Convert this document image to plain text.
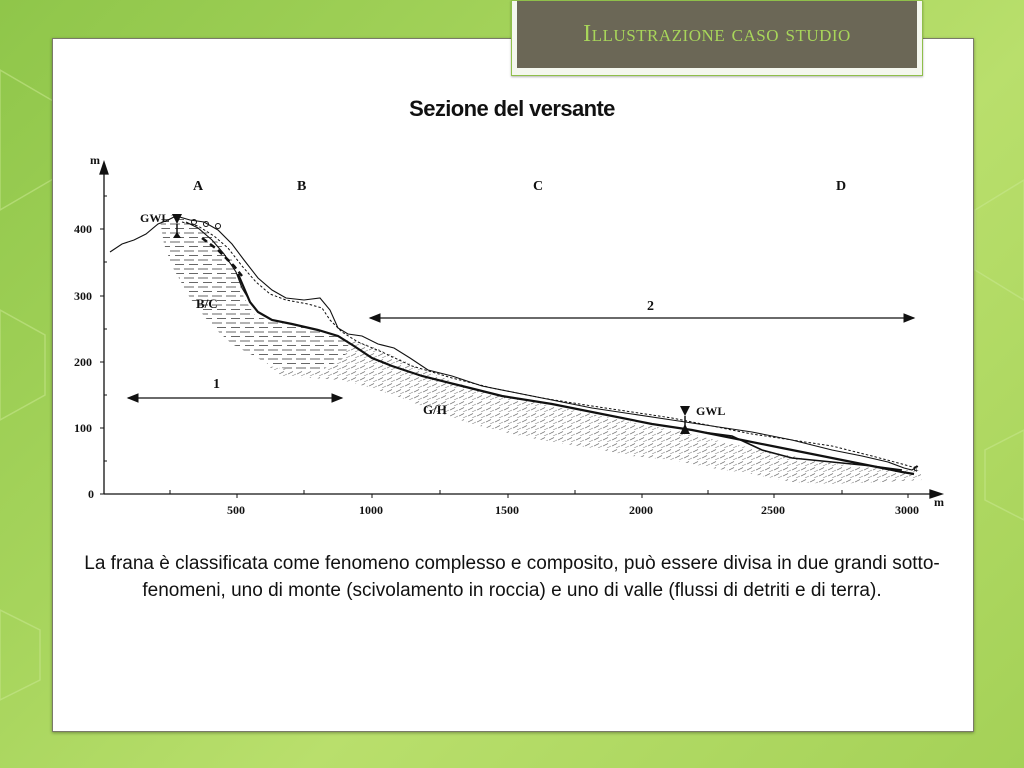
Illustrazione caso studio
Sezione del versante
m
400
300
200
100
0
m
500	1000	1500	2000	2500	3000
A	B	C	D
GWL
GWL
¢
B/C
G/H
1
2
La frana è classificata come fenomeno complesso e composito, può essere divisa in due grandi sotto-fenomeni, uno di monte (scivolamento in roccia) e uno di valle (flussi di detriti e di terra).
